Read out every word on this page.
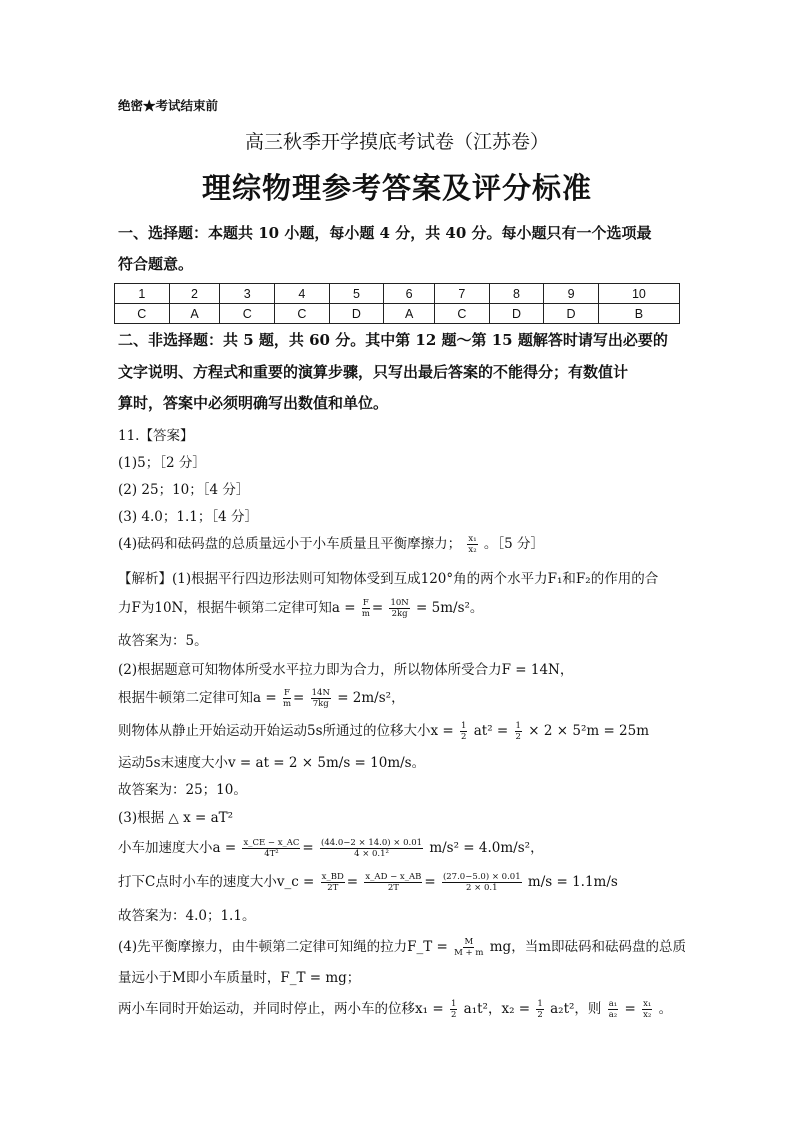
绝密★考试结束前
高三秋季开学摸底考试卷（江苏卷）
理综物理参考答案及评分标准
一、选择题：本题共 10 小题，每小题 4 分，共 40 分。每小题只有一个选项最
符合题意。
1	2	3	4	5	6	7	8	9	10
C	A	C	C	D	A	C	D	D	B
二、非选择题：共 5 题，共 60 分。其中第 12 题～第 15 题解答时请写出必要的
文字说明、方程式和重要的演算步骤，只写出最后答案的不能得分；有数值计
算时，答案中必须明确写出数值和单位。
11.【答案】
(1)5；［2 分］
(2) 25；10；［4 分］
(3) 4.0；1.1；［4 分］
(4)砝码和砝码盘的总质量远小于小车质量且平衡摩擦力； $\frac{\text{x₁}}{\text{x₂}}$ 。［5 分］
【解析】(1)根据平行四边形法则可知物体受到互成120°角的两个水平力F₁和F₂的作用的合
力F为10N，根据牛顿第二定律可知$a = \frac{F}{m} = \frac{10N}{2kg} = 5m/s^2$。
故答案为：5。
(2)根据题意可知物体所受水平拉力即为合力，所以物体所受合力F = 14N，
根据牛顿第二定律可知$a = \frac{F}{m} = \frac{14N}{7kg} = 2m/s^2$，
则物体从静止开始运动开始运动5s所通过的位移大小$x = \frac{1}{2} at^2 = \frac{1}{2} \times 2 \times 5^2m = 25m$
运动5s末速度大小v = at = 2 × 5m/s = 10m/s。
故答案为：25；10。
(3)根据 △ x = aT²
小车加速度大小$a = \frac{x\_CE - x\_AC}{\text{4T²}} = \frac{(44.0-2 \times 14.0) \times 0.01}{\text{4 × 0.1²}} m/s^2 = 4.0m/s^2$，
打下C点时小车的速度大小v_c = $\frac{x\_BD}{2T} = \frac{x\_AD - x\_AB}{2T} = \frac{(27.0-5.0) \times 0.01}{2 \times 0.1} m/s = 1.1m/s$
故答案为：4.0；1.1。
(4)先平衡摩擦力，由牛顿第二定律可知绳的拉力F_T = $\frac{M}{M + m}$ mg，当m即砝码和砝码盘的总质
量远小于M即小车质量时，F_T = mg；
两小车同时开始运动，并同时停止，两小车的位移$x_1 = \frac{1}{2} a_1t^2$，$x_2 = \frac{1}{2} a_2t^2$，则 $\frac{\text{a₁}}{\text{a₂}} = \frac{\text{x₁}}{\text{x₂}}$ 。
